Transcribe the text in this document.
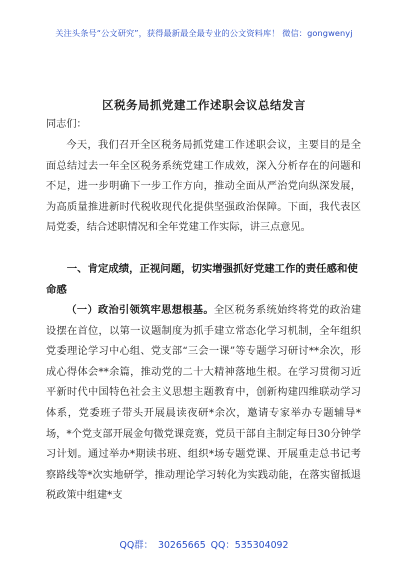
关注头条号“公文研究”，获得最新最全最专业的公文资料库！ 微信：gongwenyj
区税务局抓党建工作述职会议总结发言
同志们：
今天，我们召开全区税务局抓党建工作述职会议，主要目的是全面总结过去一年全区税务系统党建工作成效，深入分析存在的问题和不足，进一步明确下一步工作方向，推动全面从严治党向纵深发展，为高质量推进新时代税收现代化提供坚强政治保障。下面，我代表区局党委，结合述职情况和全年党建工作实际，讲三点意见。
一、肯定成绩，正视问题，切实增强抓好党建工作的责任感和使命感
（一）政治引领筑牢思想根基。全区税务系统始终将党的政治建设摆在首位，以第一议题制度为抓手建立常态化学习机制，全年组织党委理论学习中心组、党支部“三会一课”等专题学习研讨**余次，形成心得体会**余篇，推动党的二十大精神落地生根。在学习贯彻习近平新时代中国特色社会主义思想主题教育中，创新构建四维联动学习体系，党委班子带头开展晨读夜研*余次，邀请专家举办专题辅导*场，*个党支部开展金句微党课竞赛，党员干部自主制定每日30分钟学习计划。通过举办*期读书班、组织*场专题党课、开展重走总书记考察路线等*次实地研学，推动理论学习转化为实践动能，在落实留抵退税政策中组建*支
QQ群： 30265665 QQ：535304092
